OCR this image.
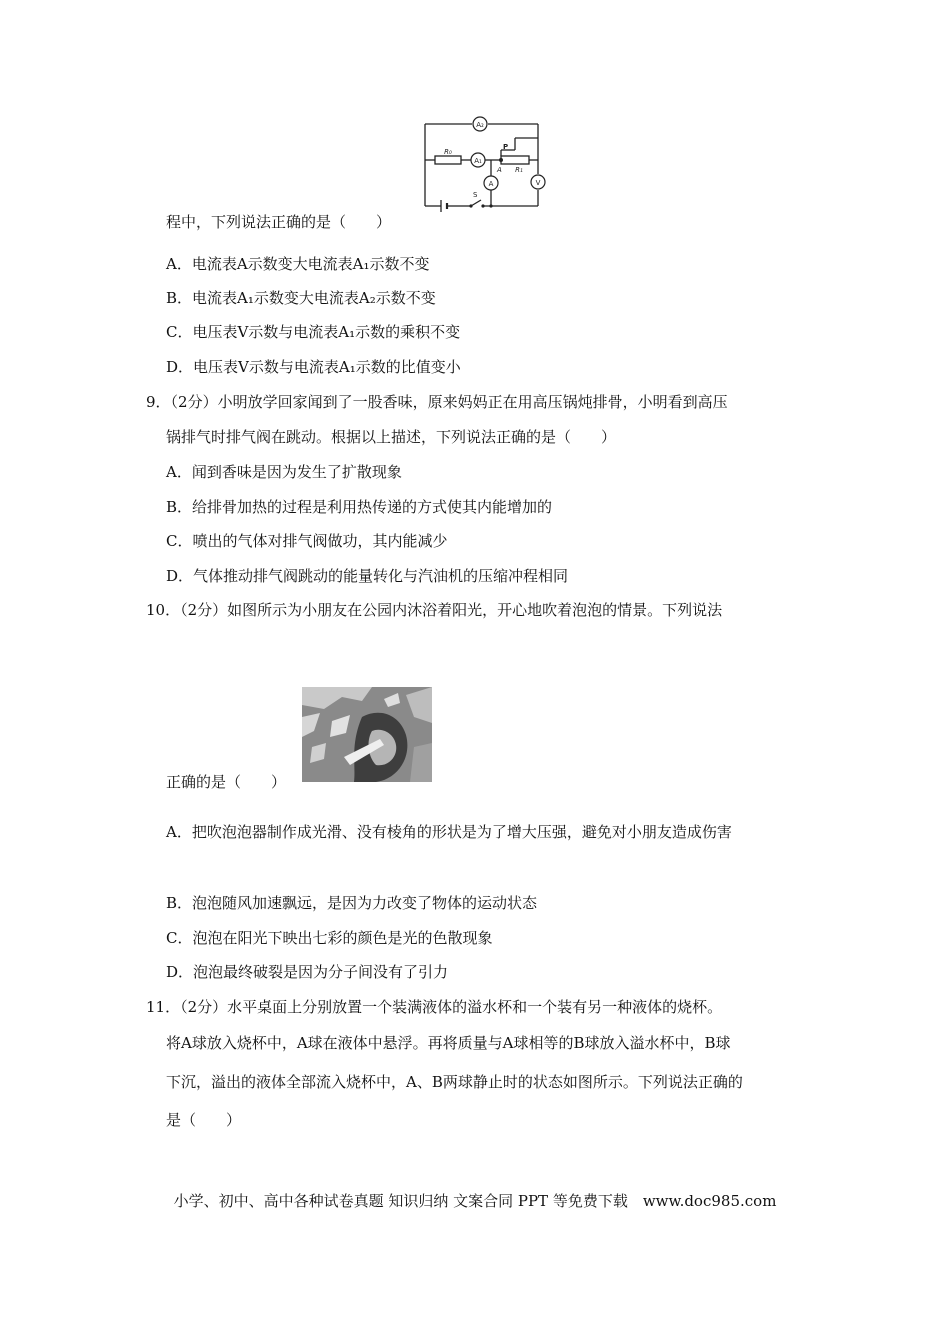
A₂
A₁
A	V
R₀
R₁
P
A
S
程中，下列说法正确的是（　　）
A．电流表A示数变大电流表A₁示数不变
B．电流表A₁示数变大电流表A₂示数不变
C．电压表V示数与电流表A₁示数的乘积不变
D．电压表V示数与电流表A₁示数的比值变小
9．（2分）小明放学回家闻到了一股香味，原来妈妈正在用高压锅炖排骨，小明看到高压
锅排气时排气阀在跳动。根据以上描述，下列说法正确的是（　　）
A．闻到香味是因为发生了扩散现象
B．给排骨加热的过程是利用热传递的方式使其内能增加的
C．喷出的气体对排气阀做功，其内能减少
D．气体推动排气阀跳动的能量转化与汽油机的压缩冲程相同
10．（2分）如图所示为小朋友在公园内沐浴着阳光，开心地吹着泡泡的情景。下列说法
正确的是（　　）
A．把吹泡泡器制作成光滑、没有棱角的形状是为了增大压强，避免对小朋友造成伤害
B．泡泡随风加速飘远，是因为力改变了物体的运动状态
C．泡泡在阳光下映出七彩的颜色是光的色散现象
D．泡泡最终破裂是因为分子间没有了引力
11．（2分）水平桌面上分别放置一个装满液体的溢水杯和一个装有另一种液体的烧杯。
将A球放入烧杯中，A球在液体中悬浮。再将质量与A球相等的B球放入溢水杯中，B球
下沉，溢出的液体全部流入烧杯中，A、B两球静止时的状态如图所示。下列说法正确的
是（　　）
小学、初中、高中各种试卷真题 知识归纳 文案合同 PPT 等免费下载　www.doc985.com
